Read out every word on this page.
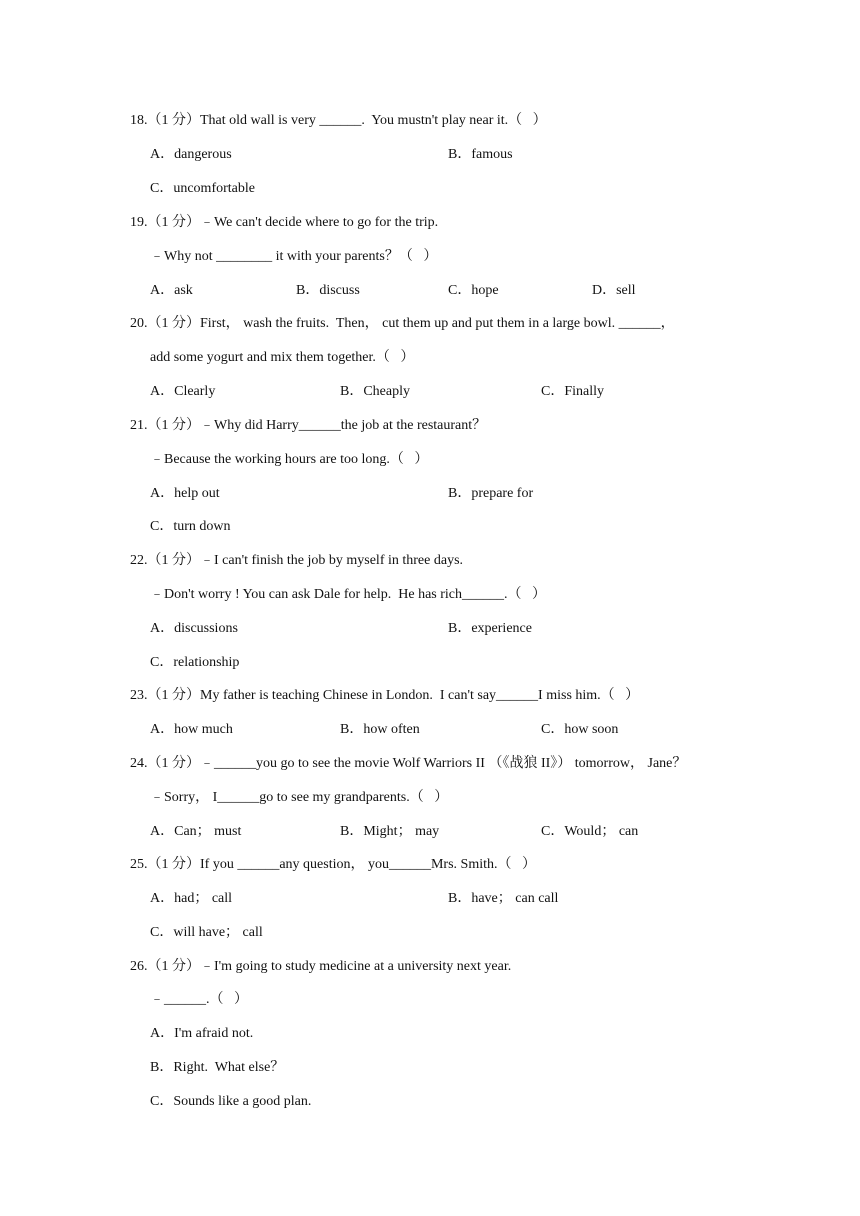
18.（1 分）That old wall is very ______.  You mustn't play near it.（   ）
A．dangerous	B．famous
C．uncomfortable
19.（1 分）﹣We can't decide where to go for the trip.
﹣Why not ________ it with your parents？（   ）
A．ask	B．discuss	C．hope	D．sell
20.（1 分）First， wash the fruits.  Then， cut them up and put them in a large bowl. ______，
add some yogurt and mix them together.（   ）
A．Clearly	B．Cheaply	C．Finally
21.（1 分）﹣Why did Harry______the job at the restaurant？
﹣Because the working hours are too long.（   ）
A．help out	B．prepare for
C．turn down
22.（1 分）﹣I can't finish the job by myself in three days.
﹣Don't worry ! You can ask Dale for help.  He has rich______.（   ）
A．discussions	B．experience
C．relationship
23.（1 分）My father is teaching Chinese in London.  I can't say______I miss him.（   ）
A．how much	B．how often	C．how soon
24.（1 分）﹣______you go to see the movie Wolf Warriors II （《战狼 II》） tomorrow， Jane？
﹣Sorry， I______go to see my grandparents.（   ）
A．Can； must	B．Might； may	C．Would； can
25.（1 分）If you ______any question， you______Mrs. Smith.（   ）
A．had； call	B．have； can call
C．will have； call
26.（1 分）﹣I'm going to study medicine at a university next year.
﹣______.（   ）
A．I'm afraid not.
B．Right.  What else？
C．Sounds like a good plan.
